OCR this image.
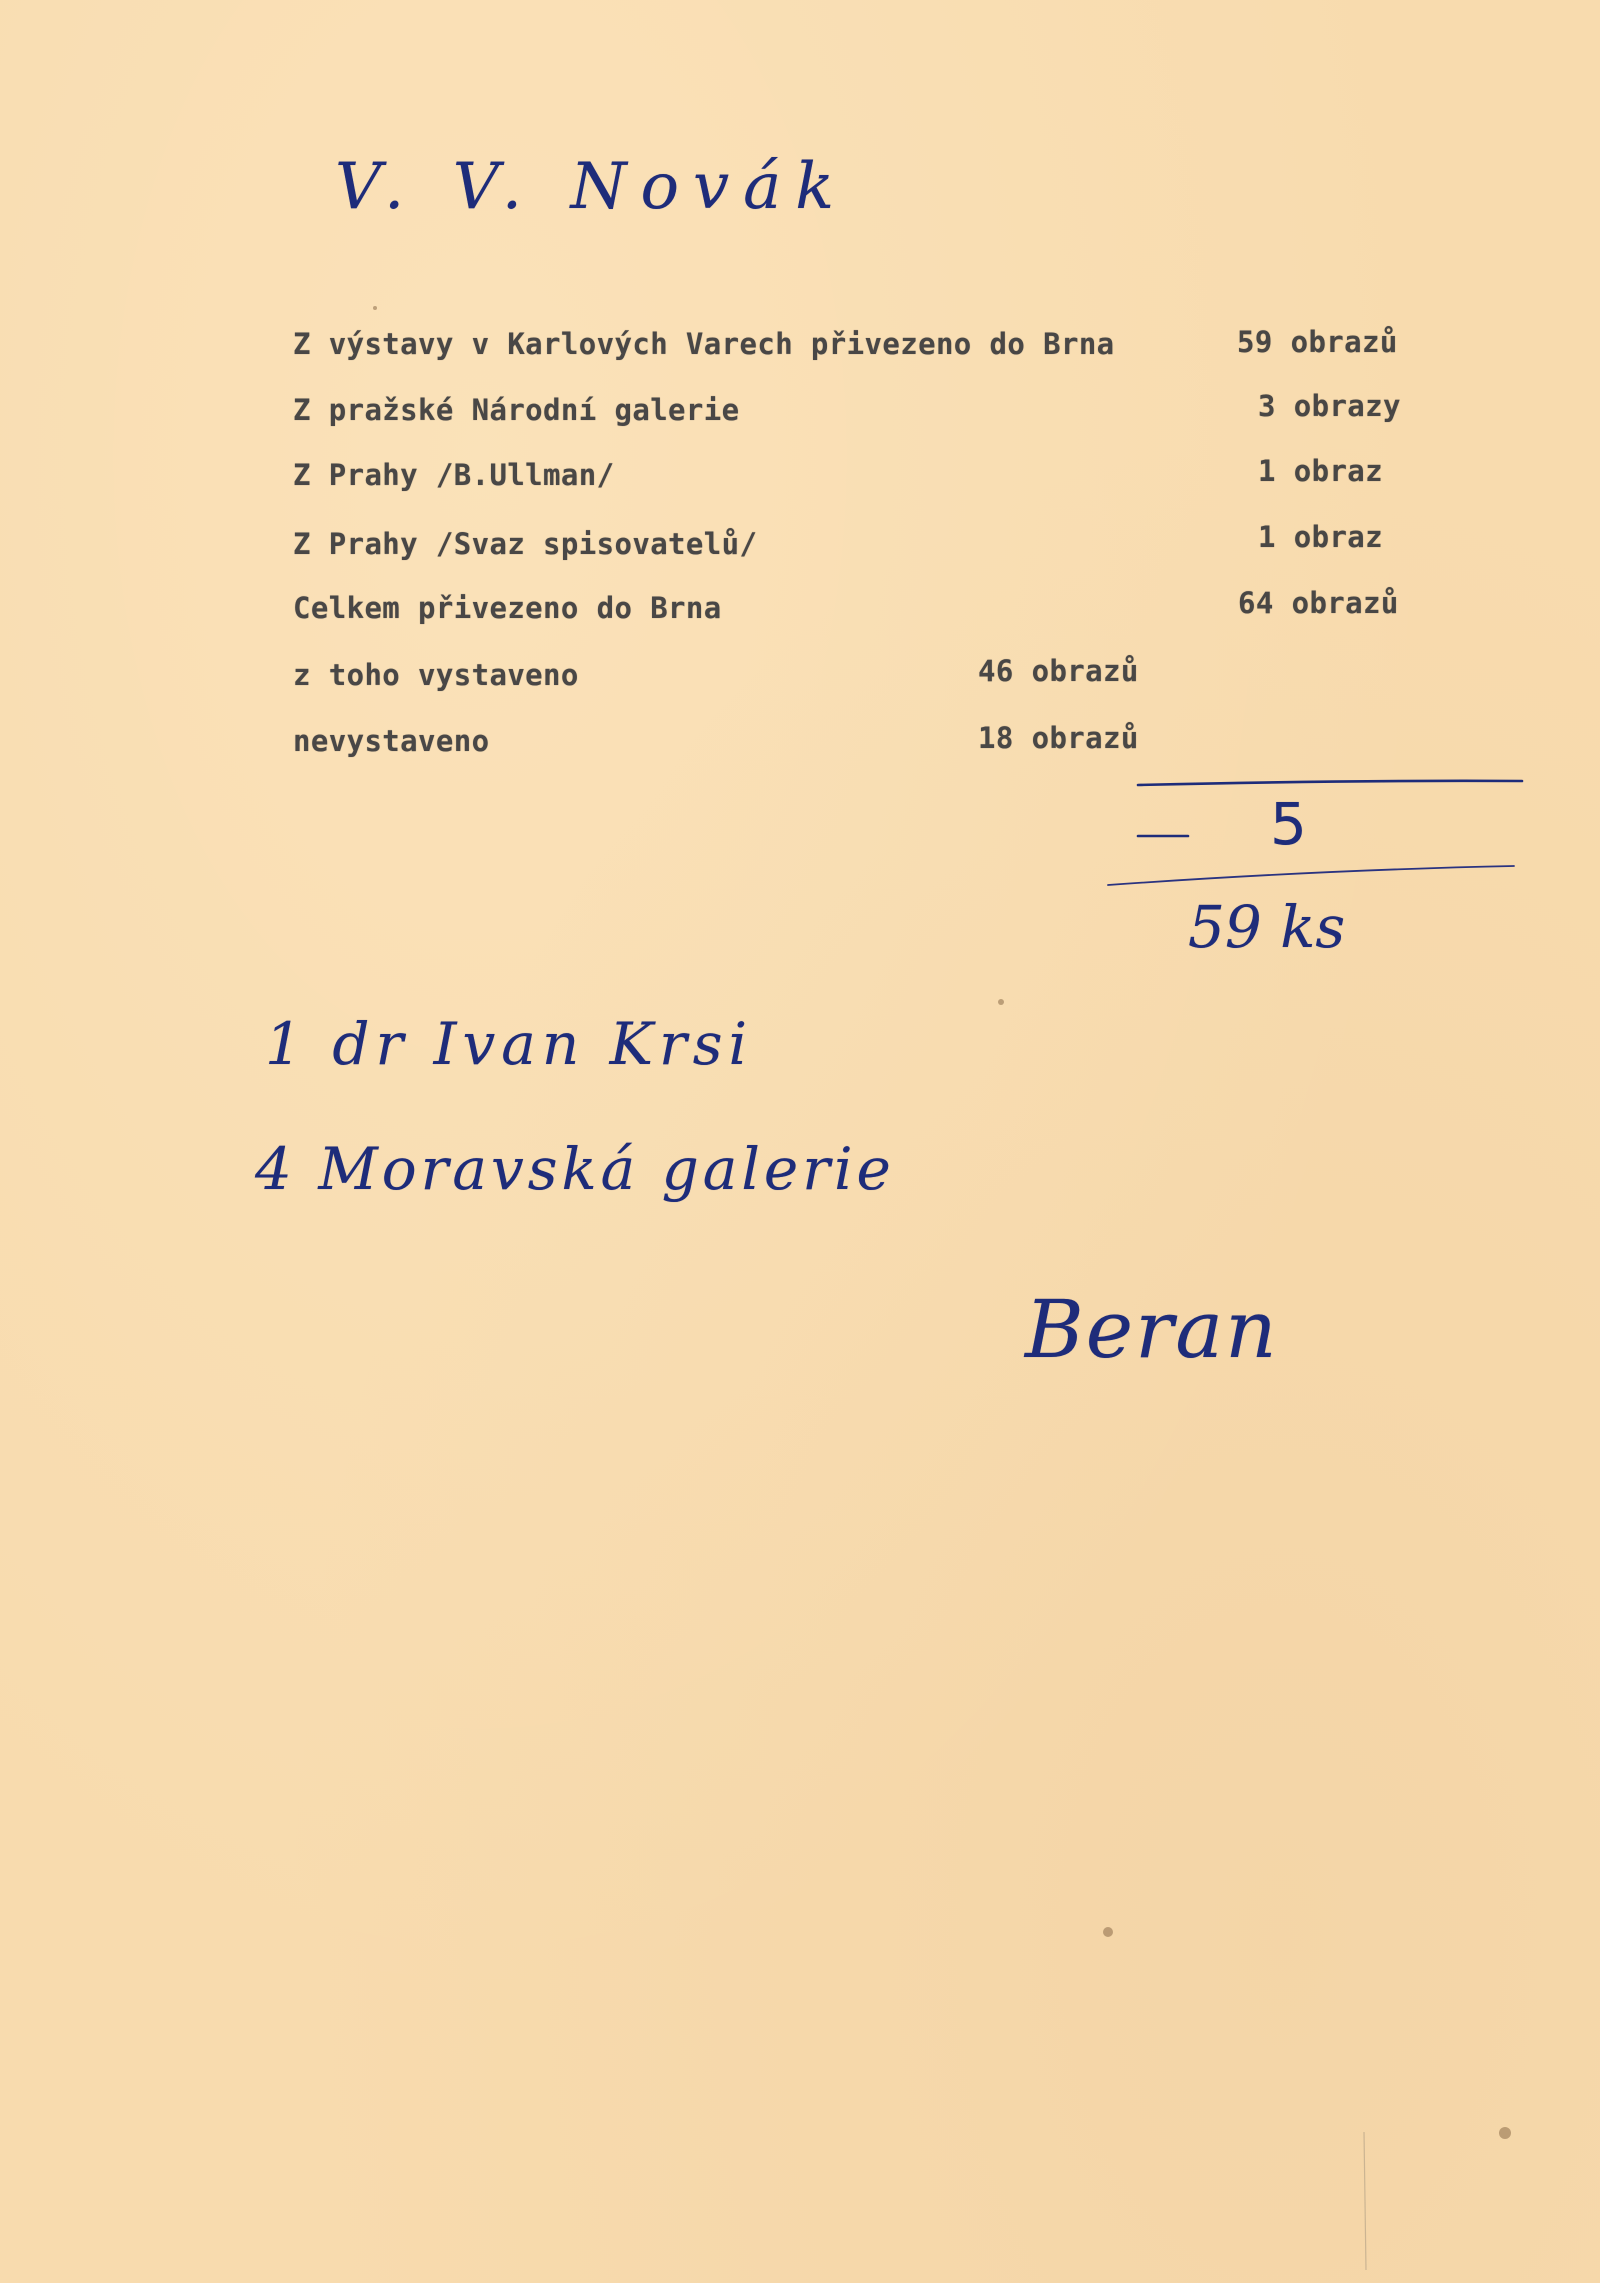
V. V. Novák

Z výstavy v Karlových Varech přivezeno do Brna	59 obrazů

Z pražské Národní galerie	3 obrazy

Z Prahy /B.Ullman/	1 obraz

Z Prahy /Svaz spisovatelů/	1 obraz

Celkem přivezeno do Brna	64 obrazů

z toho vystaveno	46 obrazů

nevystaveno	18 obrazů

5

59 ks

1 dr Ivan Krsi

4 Moravská galerie

Beran
